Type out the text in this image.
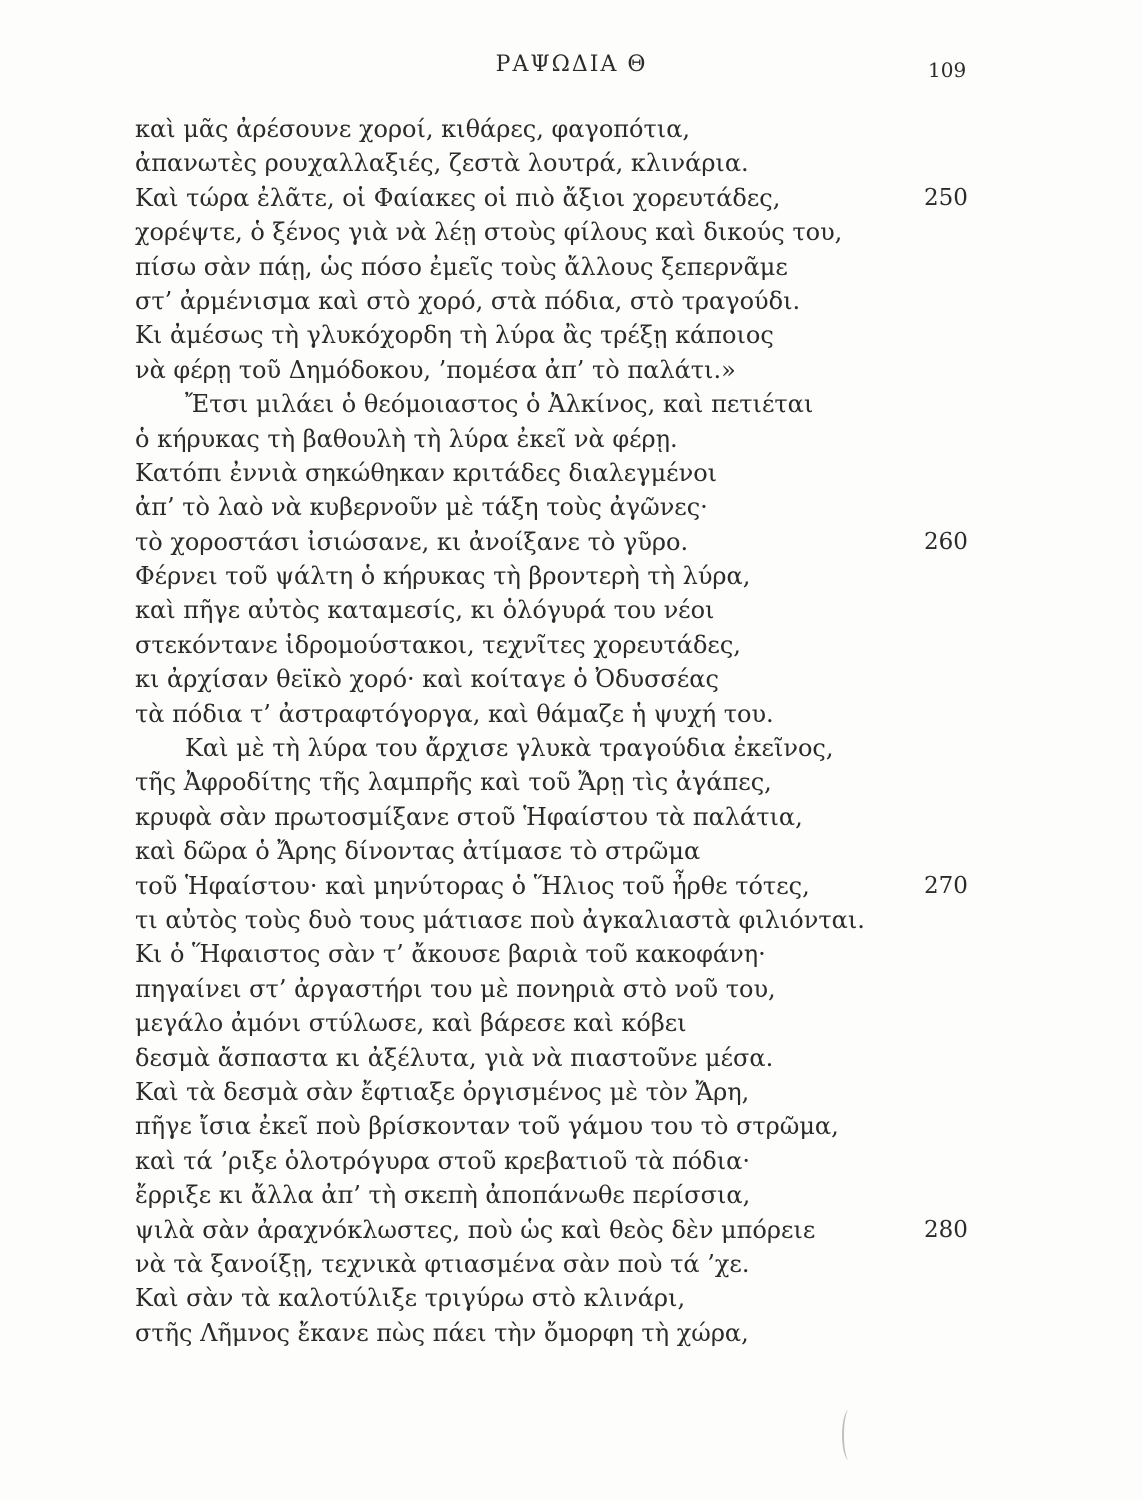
ΡΑΨΩΔΙΑ Θ	109
καὶ μᾶς ἀρέσουνε χοροί, κιθάρες, φαγοπότια,
ἀπανωτὲς ρουχαλλαξιές, ζεστὰ λουτρά, κλινάρια.
Καὶ τώρα ἐλᾶτε, οἱ Φαίακες οἱ πιὸ ἄξιοι χορευτάδες,	250
χορέψτε, ὁ ξένος γιὰ νὰ λέῃ στοὺς φίλους καὶ δικούς του,
πίσω σὰν πάῃ, ὡς πόσο ἐμεῖς τοὺς ἄλλους ξεπερνᾶμε
στ’ ἀρμένισμα καὶ στὸ χορό, στὰ πόδια, στὸ τραγούδι.
Κι ἀμέσως τὴ γλυκόχορδη τὴ λύρα ἂς τρέξῃ κάποιος
νὰ φέρῃ τοῦ Δημόδοκου, ’πομέσα ἀπ’ τὸ παλάτι.»
Ἔτσι μιλάει ὁ θεόμοιαστος ὁ Ἀλκίνος, καὶ πετιέται
ὁ κήρυκας τὴ βαθουλὴ τὴ λύρα ἐκεῖ νὰ φέρῃ.
Κατόπι ἐννιὰ σηκώθηκαν κριτάδες διαλεγμένοι
ἀπ’ τὸ λαὸ νὰ κυβερνοῦν μὲ τάξη τοὺς ἀγῶνες·
τὸ χοροστάσι ἰσιώσανε, κι ἀνοίξανε τὸ γῦρο.	260
Φέρνει τοῦ ψάλτη ὁ κήρυκας τὴ βροντερὴ τὴ λύρα,
καὶ πῆγε αὐτὸς καταμεσίς, κι ὁλόγυρά του νέοι
στεκόντανε ἱδρομούστακοι, τεχνῖτες χορευτάδες,
κι ἀρχίσαν θεϊκὸ χορό· καὶ κοίταγε ὁ Ὀδυσσέας
τὰ πόδια τ’ ἀστραφτόγοργα, καὶ θάμαζε ἡ ψυχή του.
Καὶ μὲ τὴ λύρα του ἄρχισε γλυκὰ τραγούδια ἐκεῖνος,
τῆς Ἀφροδίτης τῆς λαμπρῆς καὶ τοῦ Ἄρῃ τὶς ἀγάπες,
κρυφὰ σὰν πρωτοσμίξανε στοῦ Ἡφαίστου τὰ παλάτια,
καὶ δῶρα ὁ Ἄρης δίνοντας ἀτίμασε τὸ στρῶμα
τοῦ Ἡφαίστου· καὶ μηνύτορας ὁ Ἥλιος τοῦ ἦρθε τότες,	270
τι αὐτὸς τοὺς δυὸ τους μάτιασε ποὺ ἀγκαλιαστὰ φιλιόνται.
Κι ὁ Ἥφαιστος σὰν τ’ ἄκουσε βαριὰ τοῦ κακοφάνη·
πηγαίνει στ’ ἀργαστήρι του μὲ πονηριὰ στὸ νοῦ του,
μεγάλο ἀμόνι στύλωσε, καὶ βάρεσε καὶ κόβει
δεσμὰ ἄσπαστα κι ἀξέλυτα, γιὰ νὰ πιαστοῦνε μέσα.
Καὶ τὰ δεσμὰ σὰν ἔφτιαξε ὀργισμένος μὲ τὸν Ἄρη,
πῆγε ἴσια ἐκεῖ ποὺ βρίσκονταν τοῦ γάμου του τὸ στρῶμα,
καὶ τά ’ριξε ὁλοτρόγυρα στοῦ κρεβατιοῦ τὰ πόδια·
ἔρριξε κι ἄλλα ἀπ’ τὴ σκεπὴ ἀποπάνωθε περίσσια,
ψιλὰ σὰν ἀραχνόκλωστες, ποὺ ὡς καὶ θεὸς δὲν μπόρειε	280
νὰ τὰ ξανοίξῃ, τεχνικὰ φτιασμένα σὰν ποὺ τά ’χε.
Καὶ σὰν τὰ καλοτύλιξε τριγύρω στὸ κλινάρι,
στῆς Λῆμνος ἔκανε πὼς πάει τὴν ὄμορφη τὴ χώρα,
